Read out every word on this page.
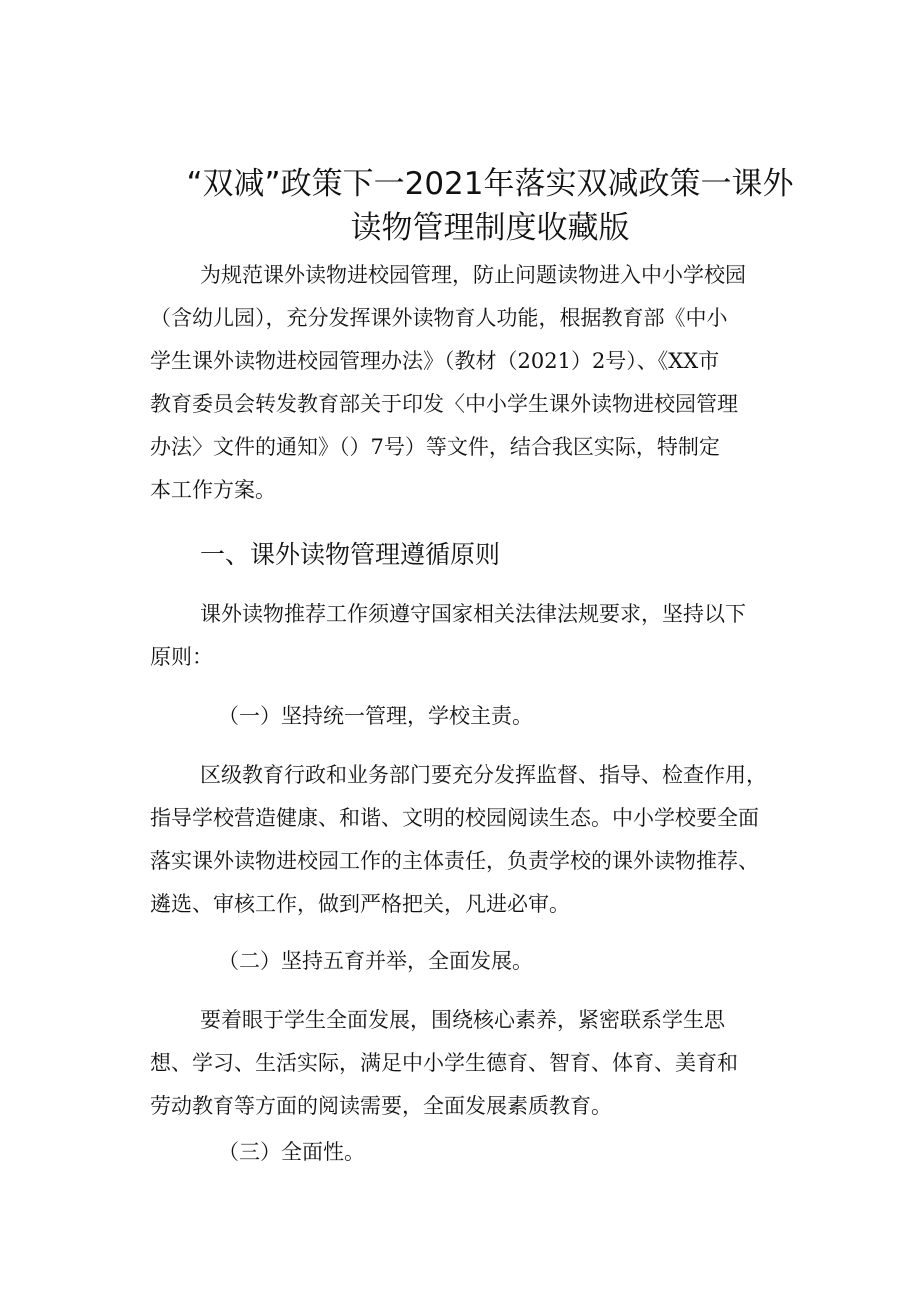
“双减”政策下一2021年落实双减政策一课外
读物管理制度收藏版

为规范课外读物进校园管理，防止问题读物进入中小学校园

（含幼儿园），充分发挥课外读物育人功能，根据教育部《中小

学生课外读物进校园管理办法》（教材（2021）2号）、《XX市

教育委员会转发教育部关于印发〈中小学生课外读物进校园管理

办法〉文件的通知》（）7号）等文件，结合我区实际，特制定

本工作方案。

一、课外读物管理遵循原则

课外读物推荐工作须遵守国家相关法律法规要求，坚持以下

原则：

（一）坚持统一管理，学校主责。

区级教育行政和业务部门要充分发挥监督、指导、检查作用，

指导学校营造健康、和谐、文明的校园阅读生态。中小学校要全面

落实课外读物进校园工作的主体责任，负责学校的课外读物推荐、

遴选、审核工作，做到严格把关，凡进必审。

（二）坚持五育并举，全面发展。

要着眼于学生全面发展，围绕核心素养，紧密联系学生思

想、学习、生活实际，满足中小学生德育、智育、体育、美育和

劳动教育等方面的阅读需要，全面发展素质教育。

（三）全面性。
